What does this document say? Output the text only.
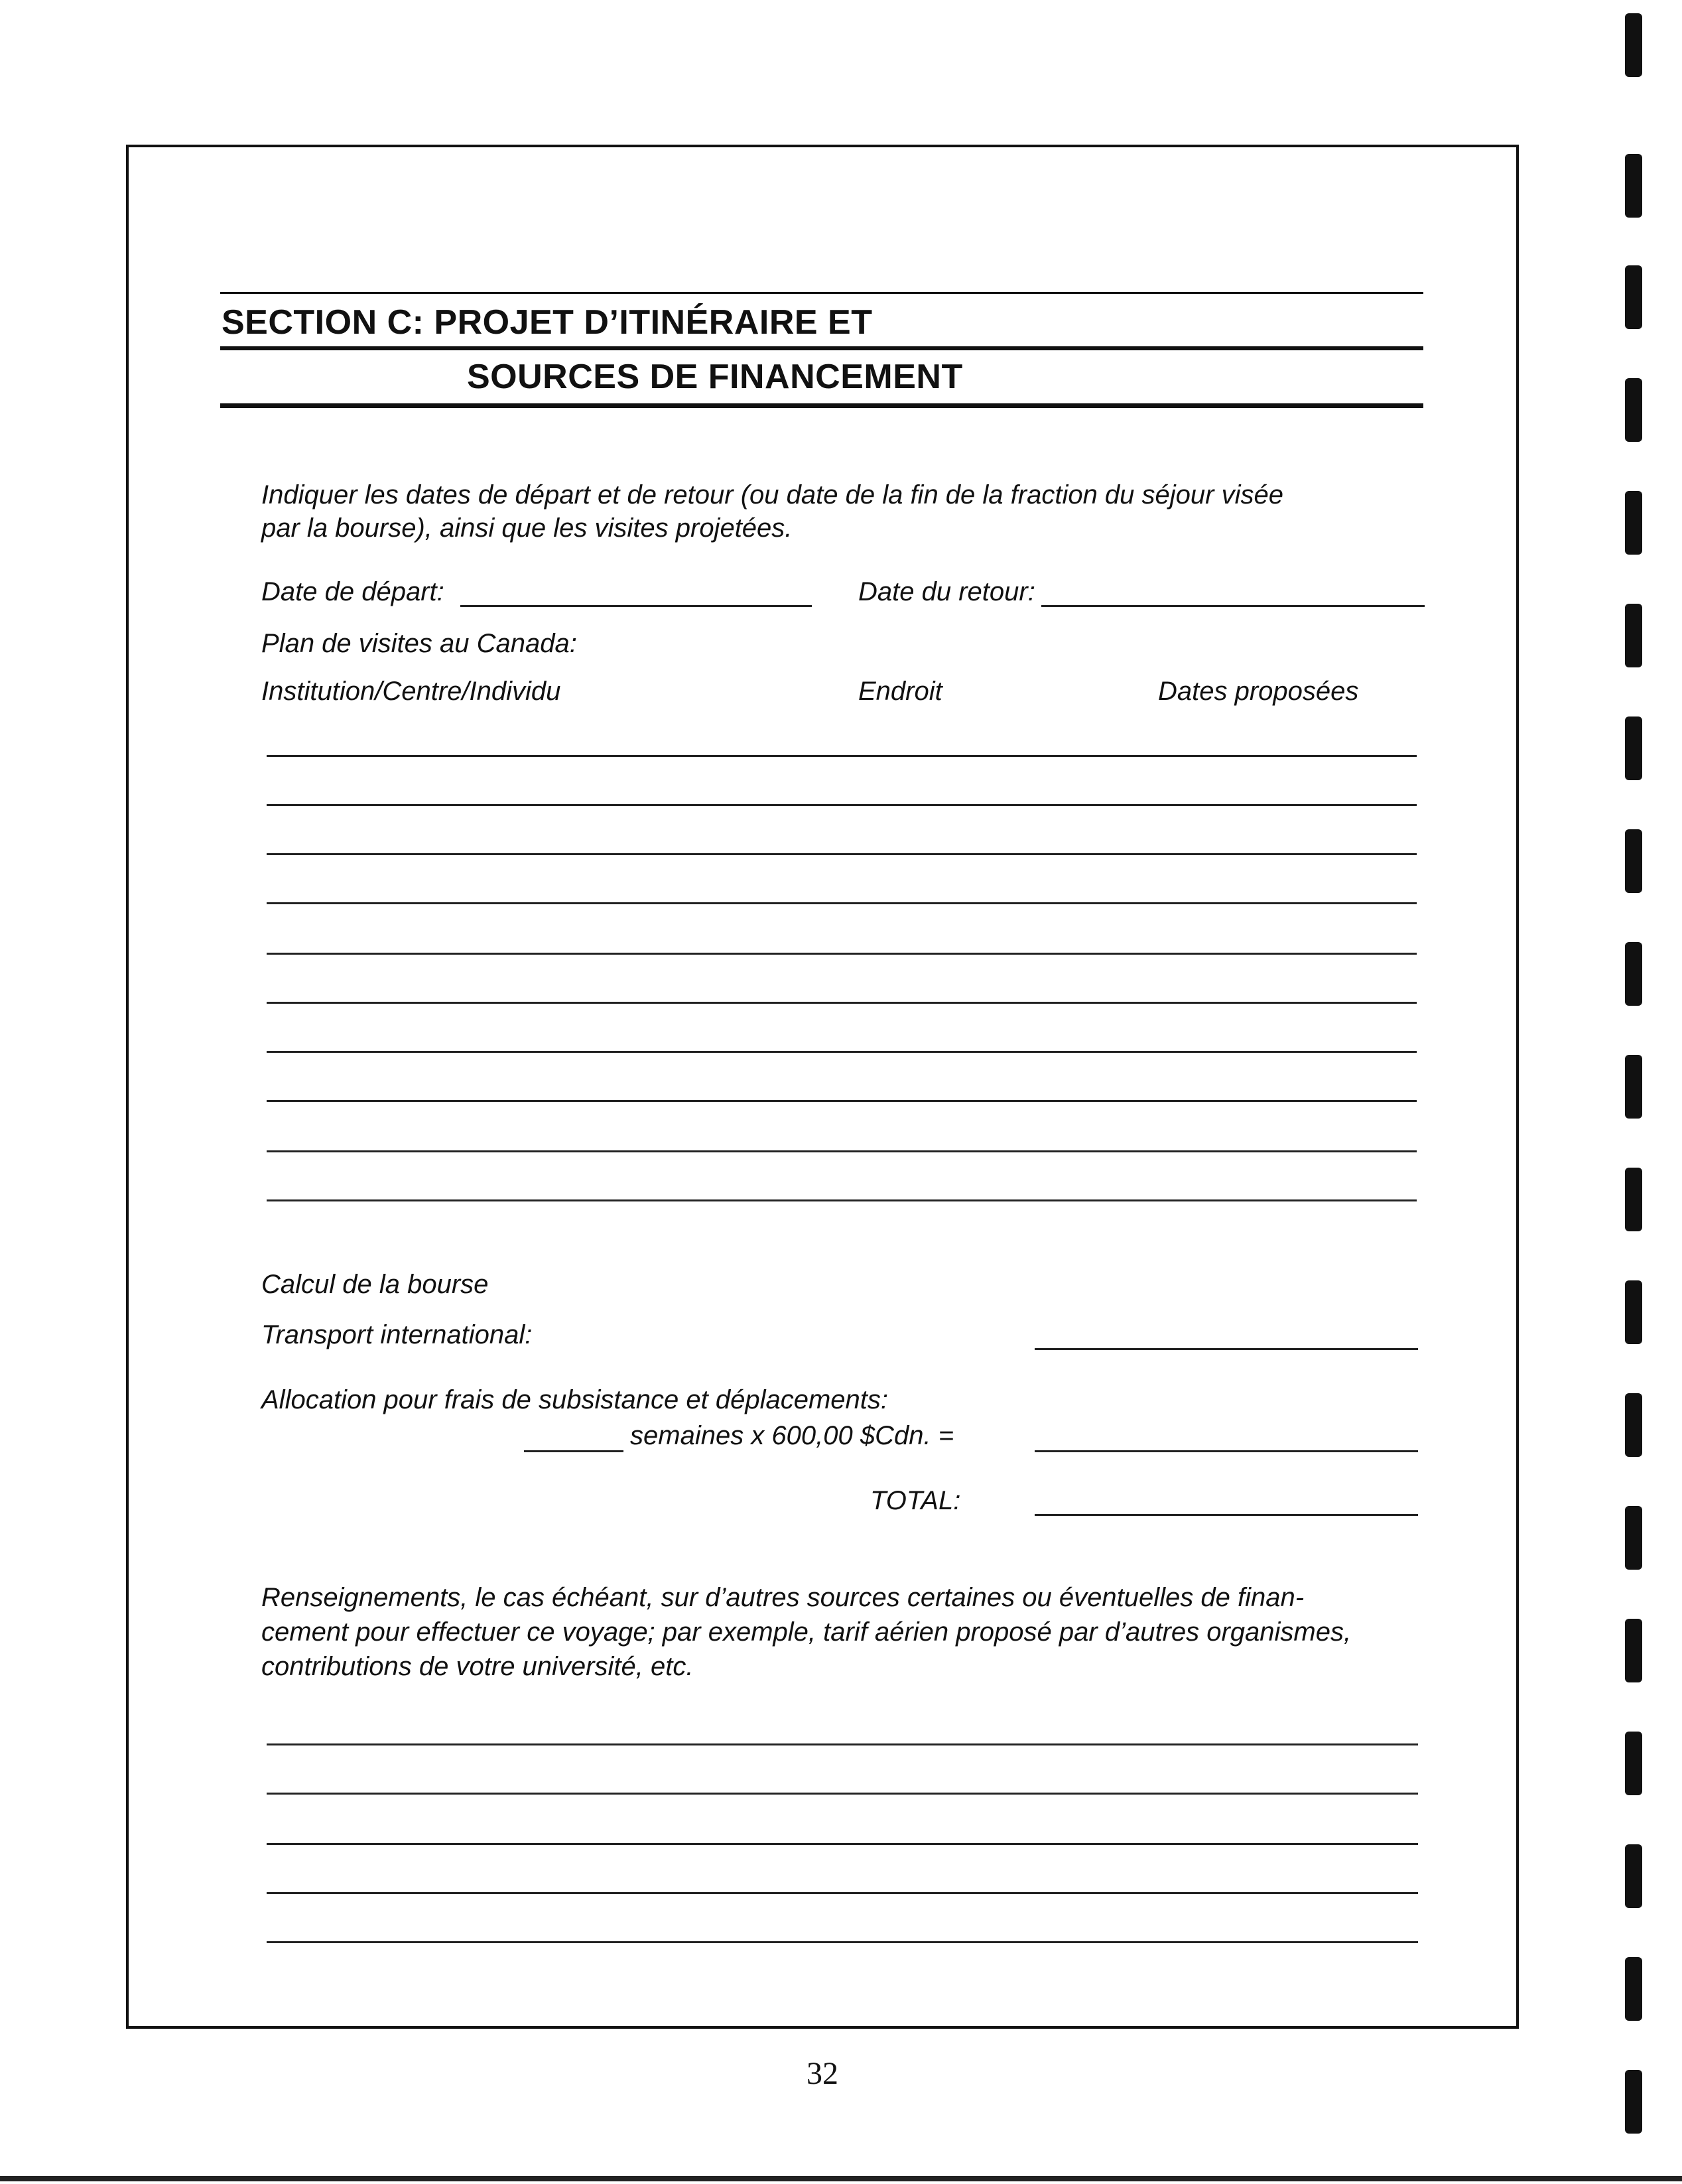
SECTION C: PROJET D’ITINÉRAIRE ET
SOURCES DE FINANCEMENT
Indiquer les dates de départ et de retour (ou date de la fin de la fraction du séjour visée
par la bourse), ainsi que les visites projetées.
Date de départ:	Date du retour:
Plan de visites au Canada:
Institution/Centre/Individu	Endroit	Dates proposées
Calcul de la bourse
Transport international:
Allocation pour frais de subsistance et déplacements:
semaines x 600,00 $Cdn. =
TOTAL:
Renseignements, le cas échéant, sur d’autres sources certaines ou éventuelles de finan-
cement pour effectuer ce voyage; par exemple, tarif aérien proposé par d’autres organismes,
contributions de votre université, etc.
32
